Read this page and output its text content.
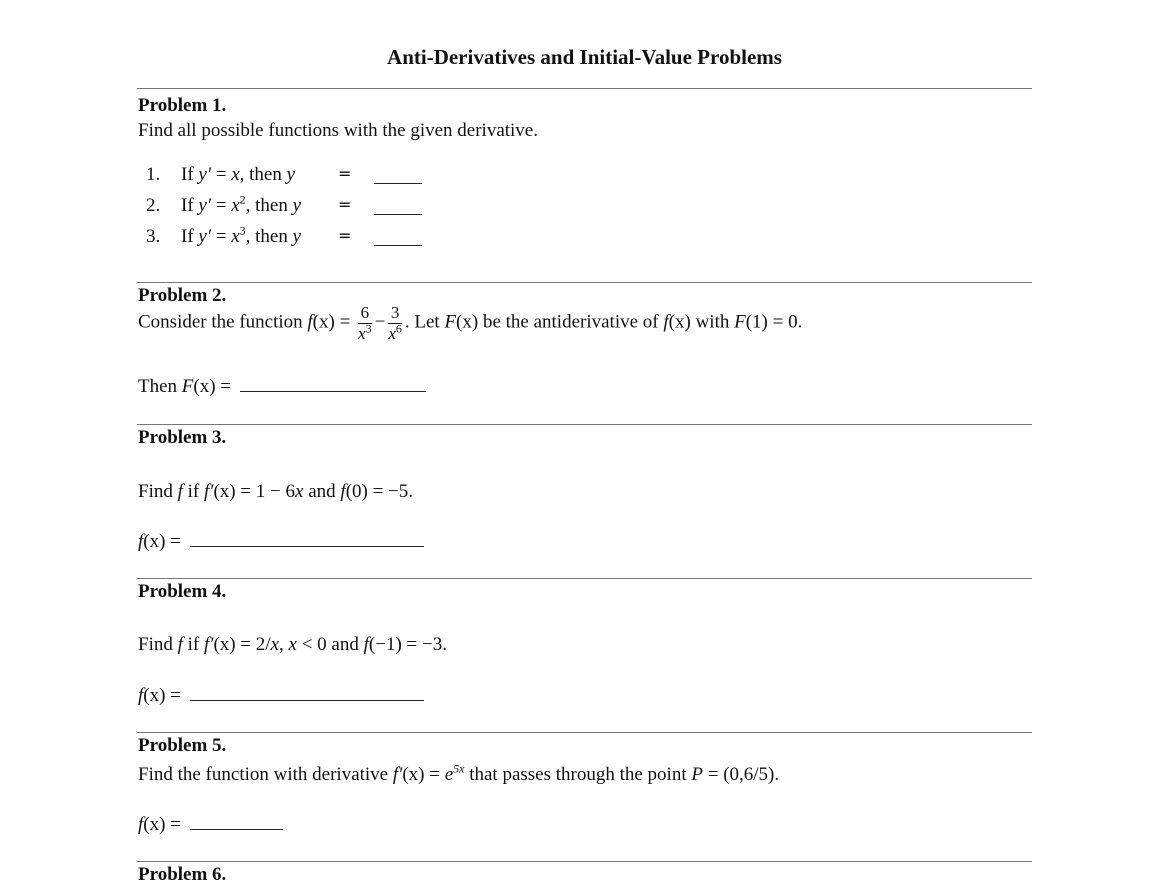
Anti-Derivatives and Initial-Value Problems
Problem 1.
Find all possible functions with the given derivative.
1. If y′ = x, then y	=
2. If $y' = x^2$, then y =
3. If $y' = x^3$, then y =
Problem 2.
Consider the function $f(x) = \frac{6}{x^3} - \frac{3}{x^6}$ . Let F(x) be the antiderivative of f(x) with F(1) = 0.
Then F(x) =
Problem 3.
Find f if f′(x) = 1 − 6x and f(0) = −5.
f(x) =
Problem 4.
Find f if f′(x) = 2/x, x < 0 and f(−1) = −3.
f(x) =
Problem 5.
Find the function with derivative $f'(x) = e^{5x}$ that passes through the point P = (0,6/5).
f(x) =
Problem 6.
